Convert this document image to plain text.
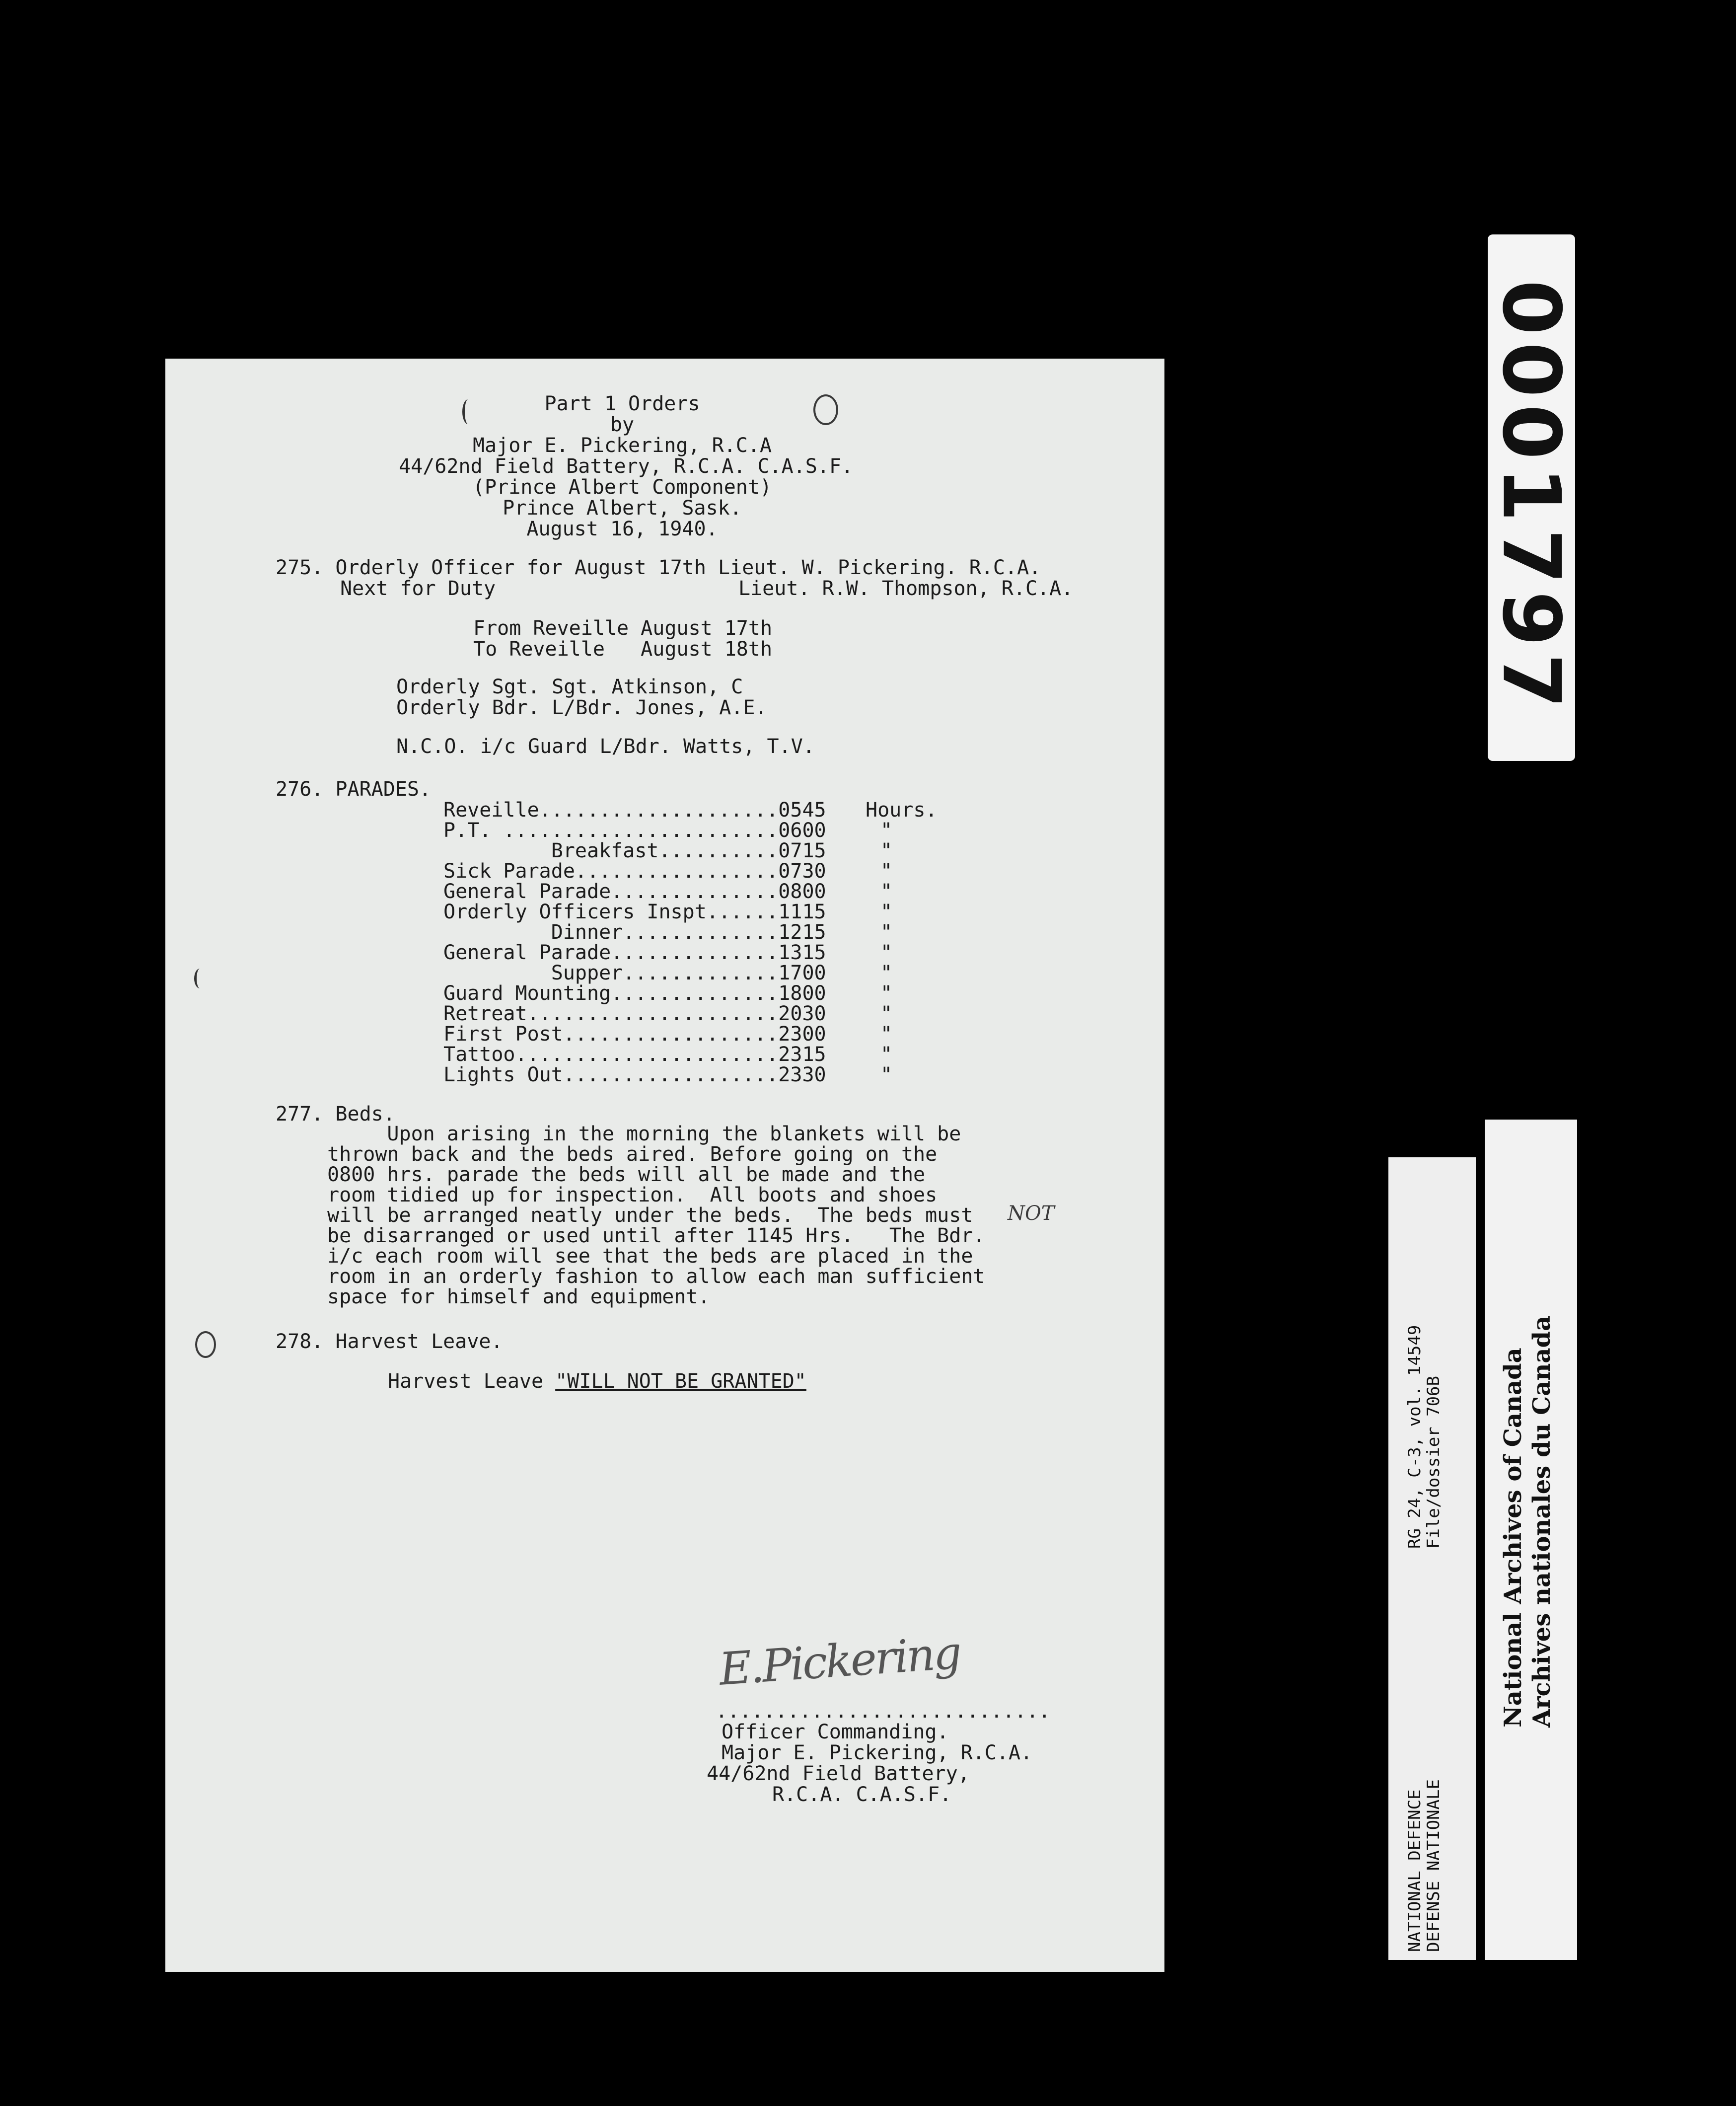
Part 1 Orders
by
Major E. Pickering, R.C.A
44/62nd Field Battery, R.C.A. C.A.S.F.
(Prince Albert Component)
Prince Albert, Sask.
August 16, 1940.
275. Orderly Officer for August 17th Lieut. W. Pickering. R.C.A.
Next for Duty	Lieut. R.W. Thompson, R.C.A.
From Reveille August 17th
To Reveille   August 18th
Orderly Sgt. Sgt. Atkinson, C
Orderly Bdr. L/Bdr. Jones, A.E.
N.C.O. i/c Guard L/Bdr. Watts, T.V.
276. PARADES.
Reveille....................0545 Hours.
P.T. .......................0600	"
Breakfast..........0715	"
Sick Parade.................0730	"
General Parade..............0800	"
Orderly Officers Inspt......1115	"
Dinner.............1215	"
General Parade..............1315	"
Supper.............1700	"
Guard Mounting..............1800	"
Retreat.....................2030	"
First Post..................2300	"
Tattoo......................2315	"
Lights Out..................2330	"
277. Beds.
Upon arising in the morning the blankets will be
thrown back and the beds aired. Before going on the
0800 hrs. parade the beds will all be made and the
room tidied up for inspection.  All boots and shoes
will be arranged neatly under the beds.  The beds must
be disarranged or used until after 1145 Hrs.   The Bdr.
i/c each room will see that the beds are placed in the
room in an orderly fashion to allow each man sufficient
space for himself and equipment.
NOT
278. Harvest Leave.
Harvest Leave "WILL NOT BE GRANTED"
E.Pickering
............................
Officer Commanding.
Major E. Pickering, R.C.A.
44/62nd Field Battery,
R.C.A. C.A.S.F.
0001797
NATIONAL DEFENCE
DEFENSE NATIONALE
RG 24, C-3, vol. 14549
File/dossier 706B National Archives of Canada Archives nationales du Canada
